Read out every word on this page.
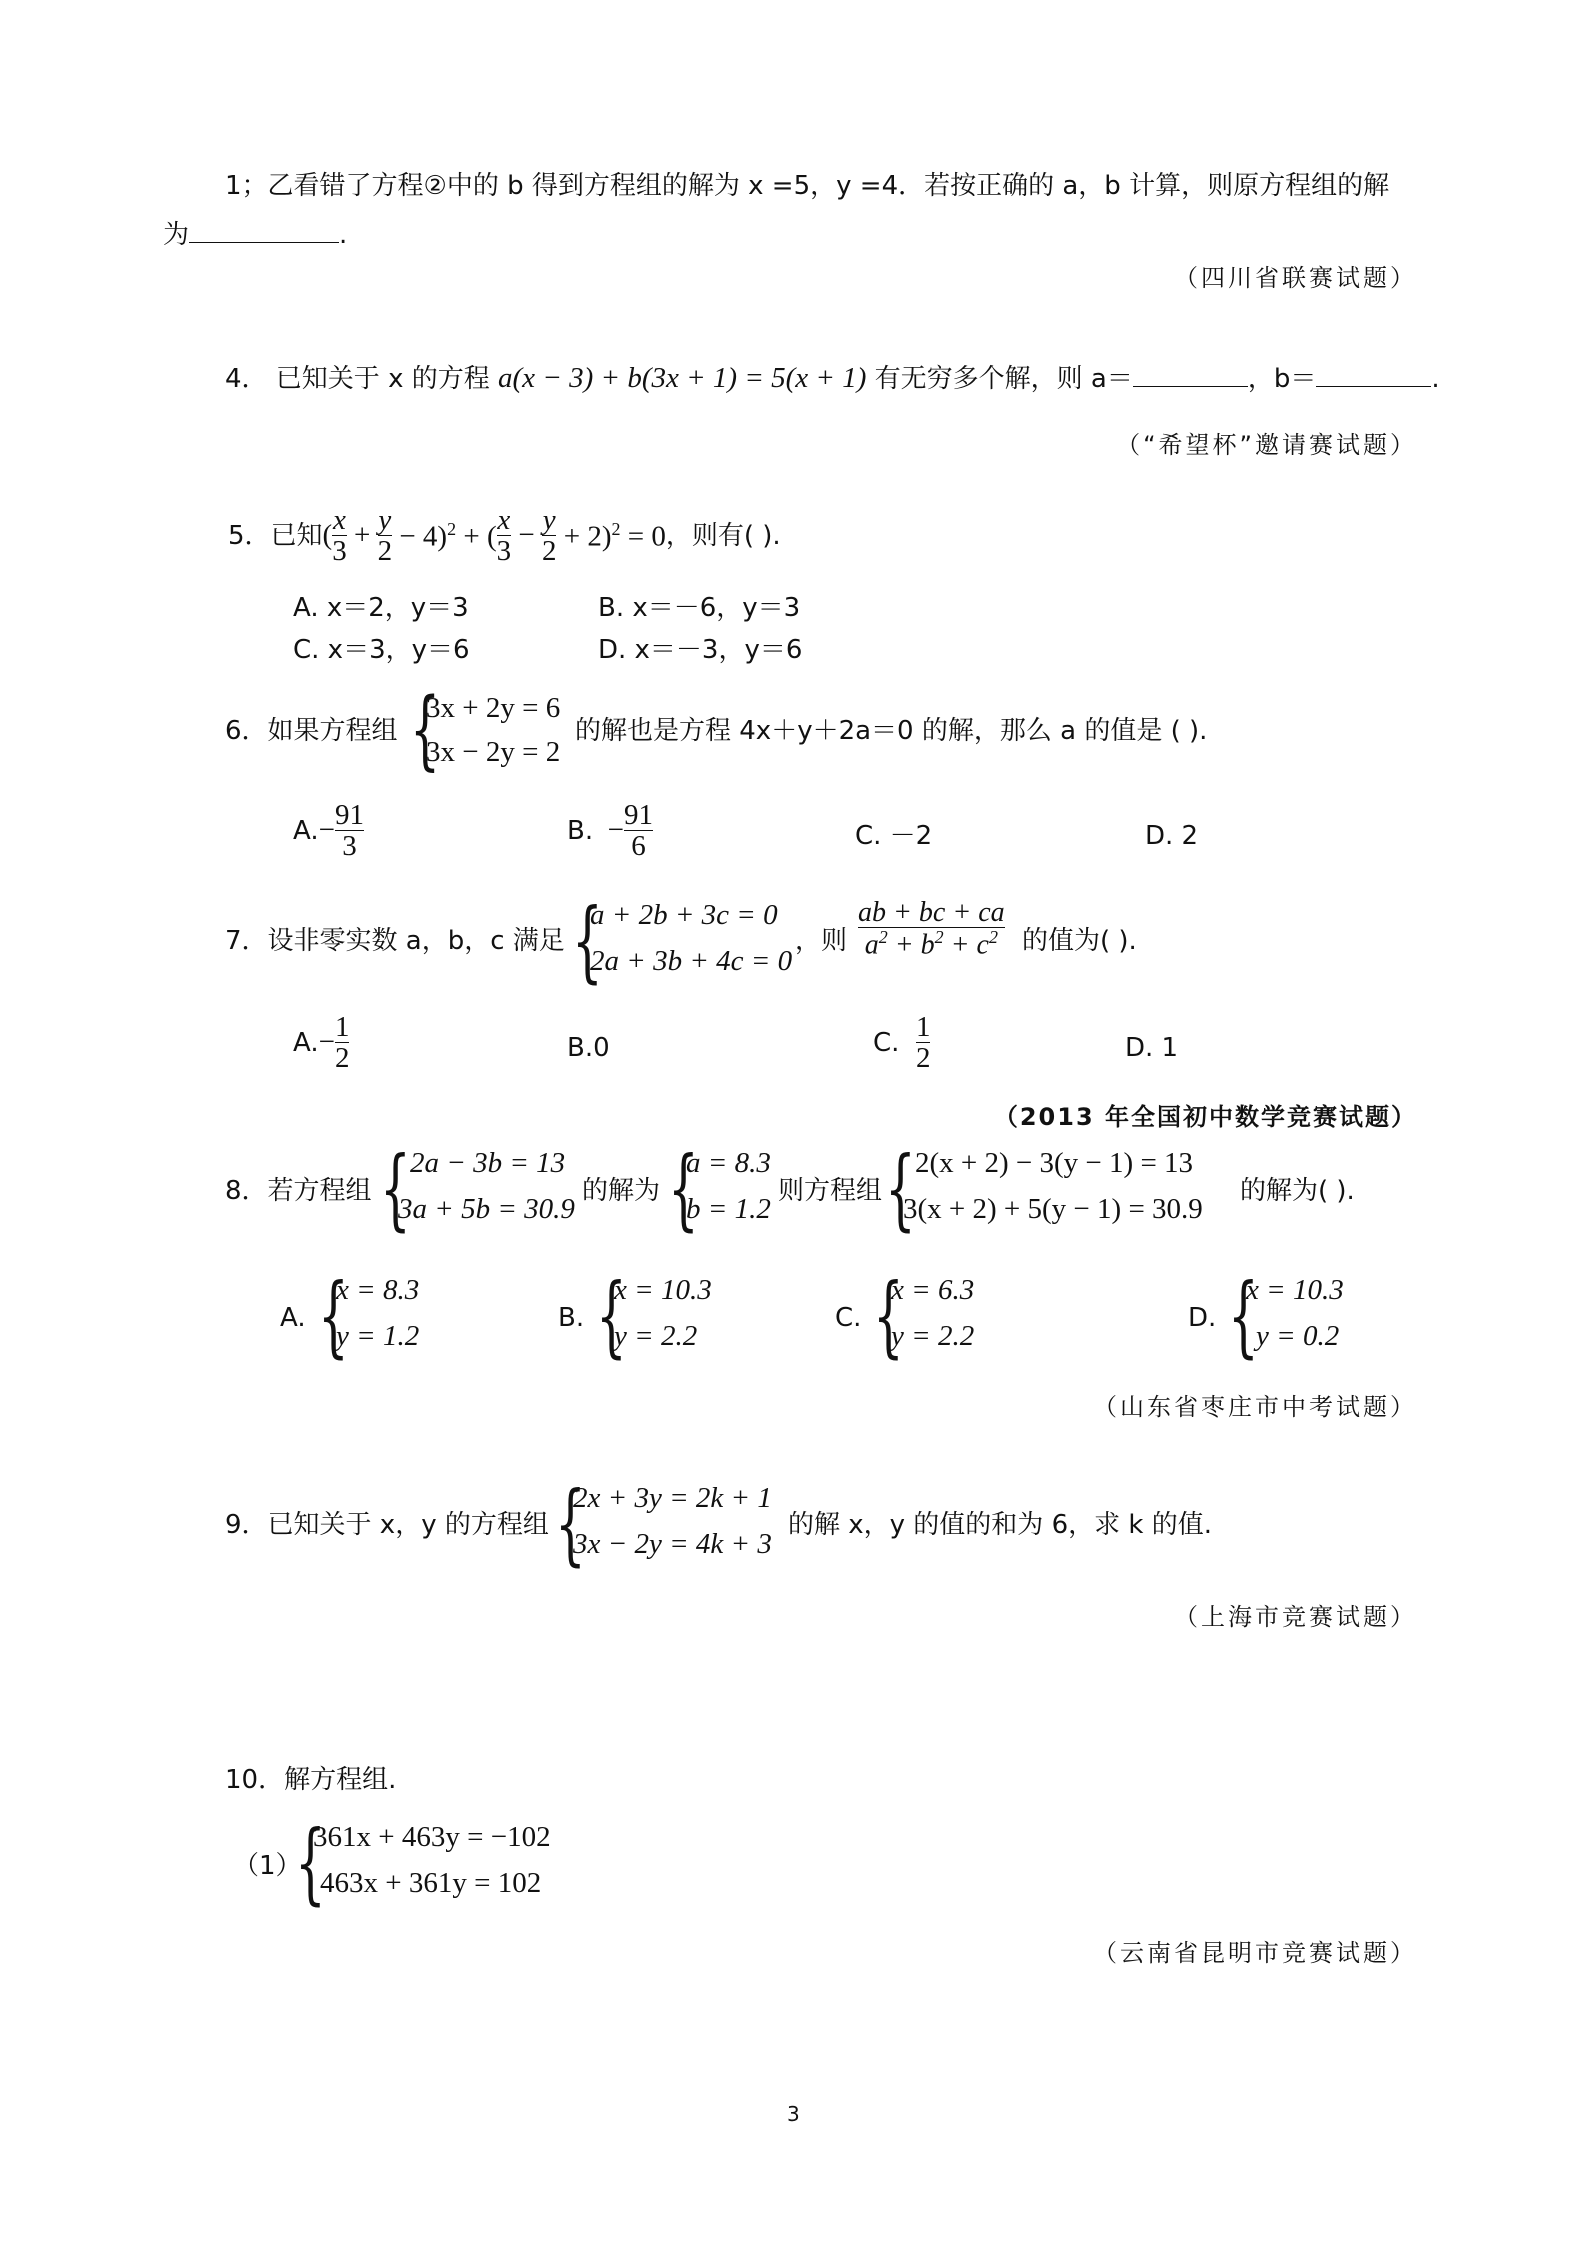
1；乙看错了方程②中的 b 得到方程组的解为 x =5，y =4．若按正确的 a，b 计算，则原方程组的解
为	.
（四川省联赛试题）
4． 已知关于 x 的方程 a(x − 3) + b(3x + 1) = 5(x + 1) 有无穷多个解，则 a＝	，b＝	.
（“希望杯”邀请赛试题）
5．已知 ( $\frac{x}{3} + \frac{y}{2} - 4)^2$ + ( $\frac{x}{3} - \frac{y}{2} + 2)^2 = 0$ ，则有( ).
A. x＝2，y＝3	B. x＝－6，y＝3
C. x＝3，y＝6	D. x＝－3，y＝6
6．如果方程组 {
3x + 2y = 6
3x − 2y = 2
的解也是方程 4x＋y＋2a＝0 的解，那么 a 的值是 ( ).
A. − $\frac{91}{3}$	B. − $\frac{91}{6}$	C. －2	D. 2
7．设非零实数 a，b，c 满足 {
a + 2b + 3c = 0
2a + 3b + 4c = 0
，则 $\frac{ab + bc + ca}{a^2 + b^2 + c^2}$ 的值为( ).
A. − $\frac{1}{2}$	B.0	C.
$\frac{1}{2}$	D. 1
（2013 年全国初中数学竞赛试题）
8．若方程组 { 2a − 3b = 13
3a + 5b = 30.9
的解为 {
a = 8.3
b = 1.2
则方程组 { 2(x + 2) − 3(y − 1) = 13
3(x + 2) + 5(y − 1) = 30.9
的解为( ).
A. {
x = 8.3
y = 1.2
B. {
x = 10.3
y = 2.2
C. {
x = 6.3
y = 2.2
D. {
x = 10.3
y = 0.2
（山东省枣庄市中考试题）
9．已知关于 x，y 的方程组 {
2x + 3y = 2k + 1
3x − 2y = 4k + 3
的解 x，y 的值的和为 6，求 k 的值.
（上海市竞赛试题）
10．解方程组.
（1）
{
361x + 463y = −102
463x + 361y = 102
（云南省昆明市竞赛试题）
3
